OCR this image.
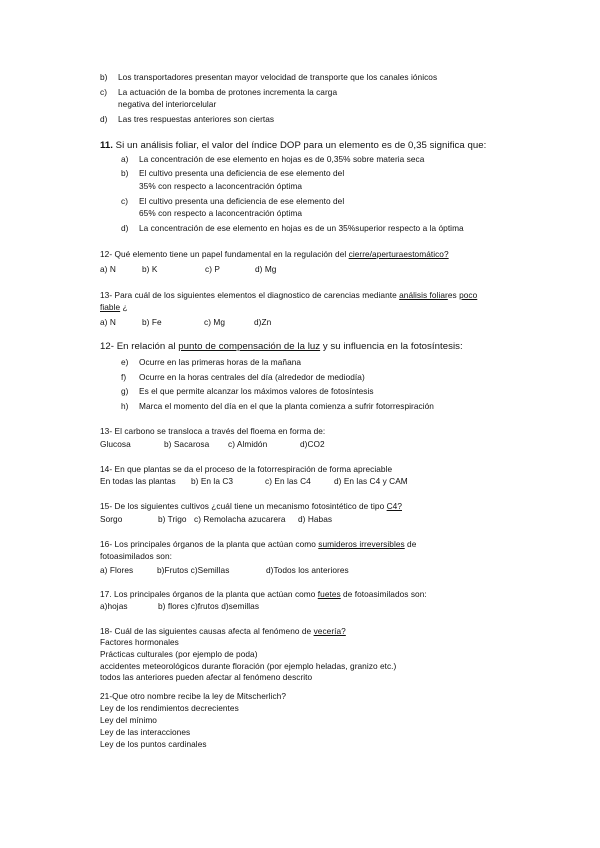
b) Los transportadores presentan mayor velocidad de transporte que los canales iónicos
c) La actuación de la bomba de protones incrementa la carga
negativa del interiorcelular
d) Las tres respuestas anteriores son ciertas
11. Si un análisis foliar, el valor del índice DOP para un elemento es de 0,35 significa que:
a) La concentración de ese elemento en hojas es de 0,35% sobre materia seca
b) El cultivo presenta una deficiencia de ese elemento del
35% con respecto a laconcentración óptima
c) El cultivo presenta una deficiencia de ese elemento del
65% con respecto a laconcentración óptima
d) La concentración de ese elemento en hojas es de un 35%superior respecto a la óptima
12- Qué elemento tiene un papel fundamental en la regulación del cierre/aperturaestomático?
a) N	b) K	c) P	d) Mg
13- Para cuál de los siguientes elementos el diagnostico de carencias mediante análisis foliares poco
fiable ¿
a) N	b) Fe	c) Mg	d)Zn
12- En relación al punto de compensación de la luz y su influencia en la fotosíntesis:
e) Ocurre en las primeras horas de la mañana
f) Ocurre en la horas centrales del día (alrededor de mediodía)
g) Es el que permite alcanzar los máximos valores de fotosíntesis
h) Marca el momento del día en el que la planta comienza a sufrir fotorrespiración
13- El carbono se transloca a través del floema en forma de:
Glucosa	b) Sacarosa c) Almidón	d)CO2
14- En que plantas se da el proceso de la fotorrespiración de forma apreciable
En todas las plantas b) En la C3	c) En las C4	d) En las C4 y CAM
15- De los siguientes cultivos ¿cuál tiene un mecanismo fotosintético de tipo C4?
Sorgo	b) Trigo c) Remolacha azucarera d) Habas
16- Los principales órganos de la planta que actúan como sumideros irreversibles de
fotoasimilados son:
a) Flores	b)Frutos c)Semillas	d)Todos los anteriores
17. Los principales órganos de la planta que actúan como fuetes de fotoasimilados son:
a)hojas	b) flores c)frutos d)semillas
18- Cuál de las siguientes causas afecta al fenómeno de vecería?
Factores hormonales
Prácticas culturales (por ejemplo de poda)
accidentes meteorológicos durante floración (por ejemplo heladas, granizo etc.)
todos las anteriores pueden afectar al fenómeno descrito
21-Que otro nombre recibe la ley de Mitscherlich?
Ley de los rendimientos decrecientes
Ley del mínimo
Ley de las interacciones
Ley de los puntos cardinales
